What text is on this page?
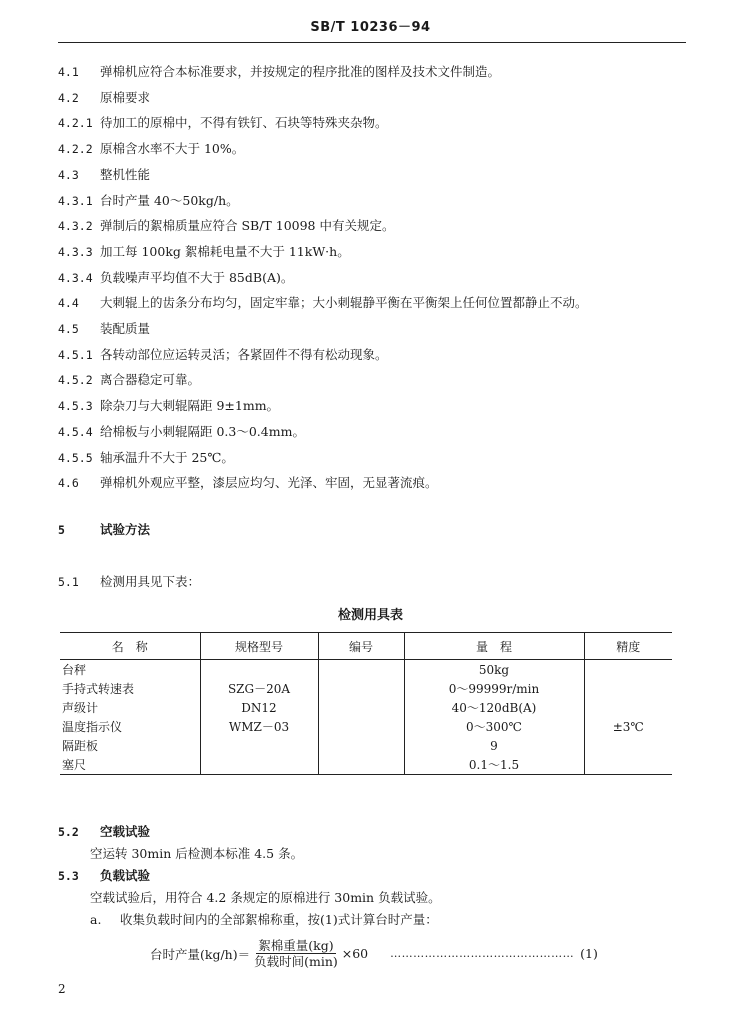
SB/T 10236－94
4.1 弹棉机应符合本标准要求，并按规定的程序批准的图样及技术文件制造。
4.2 原棉要求
4.2.1 待加工的原棉中，不得有铁钉、石块等特殊夹杂物。
4.2.2 原棉含水率不大于 10%。
4.3 整机性能
4.3.1 台时产量 40～50kg/h。
4.3.2 弹制后的絮棉质量应符合 SB/T 10098 中有关规定。
4.3.3 加工每 100kg 絮棉耗电量不大于 11kW·h。
4.3.4 负载噪声平均值不大于 85dB(A)。
4.4 大刺辊上的齿条分布均匀，固定牢靠；大小刺辊静平衡在平衡架上任何位置都静止不动。
4.5 装配质量
4.5.1 各转动部位应运转灵活；各紧固件不得有松动现象。
4.5.2 离合器稳定可靠。
4.5.3 除杂刀与大刺辊隔距 9±1mm。
4.5.4 给棉板与小刺辊隔距 0.3～0.4mm。
4.5.5 轴承温升不大于 25℃。
4.6 弹棉机外观应平整，漆层应均匀、光泽、牢固，无显著流痕。
5	试验方法
5.1 检测用具见下表：
检测用具表
名　称	规格型号	编号	量　程	精度
台秤			50kg	
手持式转速表	SZG－20A		0～99999r/min	
声级计	DN12		40～120dB(A)	
温度指示仪	WMZ－03		0～300℃	±3℃
隔距板			9	
塞尺			0.1～1.5	
5.2 空载试验
空运转 30min 后检测本标准 4.5 条。
5.3 负载试验
空载试验后，用符合 4.2 条规定的原棉进行 30min 负载试验。
a. 收集负载时间内的全部絮棉称重，按(1)式计算台时产量：
台时产量$(kg/h)= \frac{\text{絮棉重量(kg)}}{\text{负载时间(min)}} \times 60$ ………………………………………… (1)
2
